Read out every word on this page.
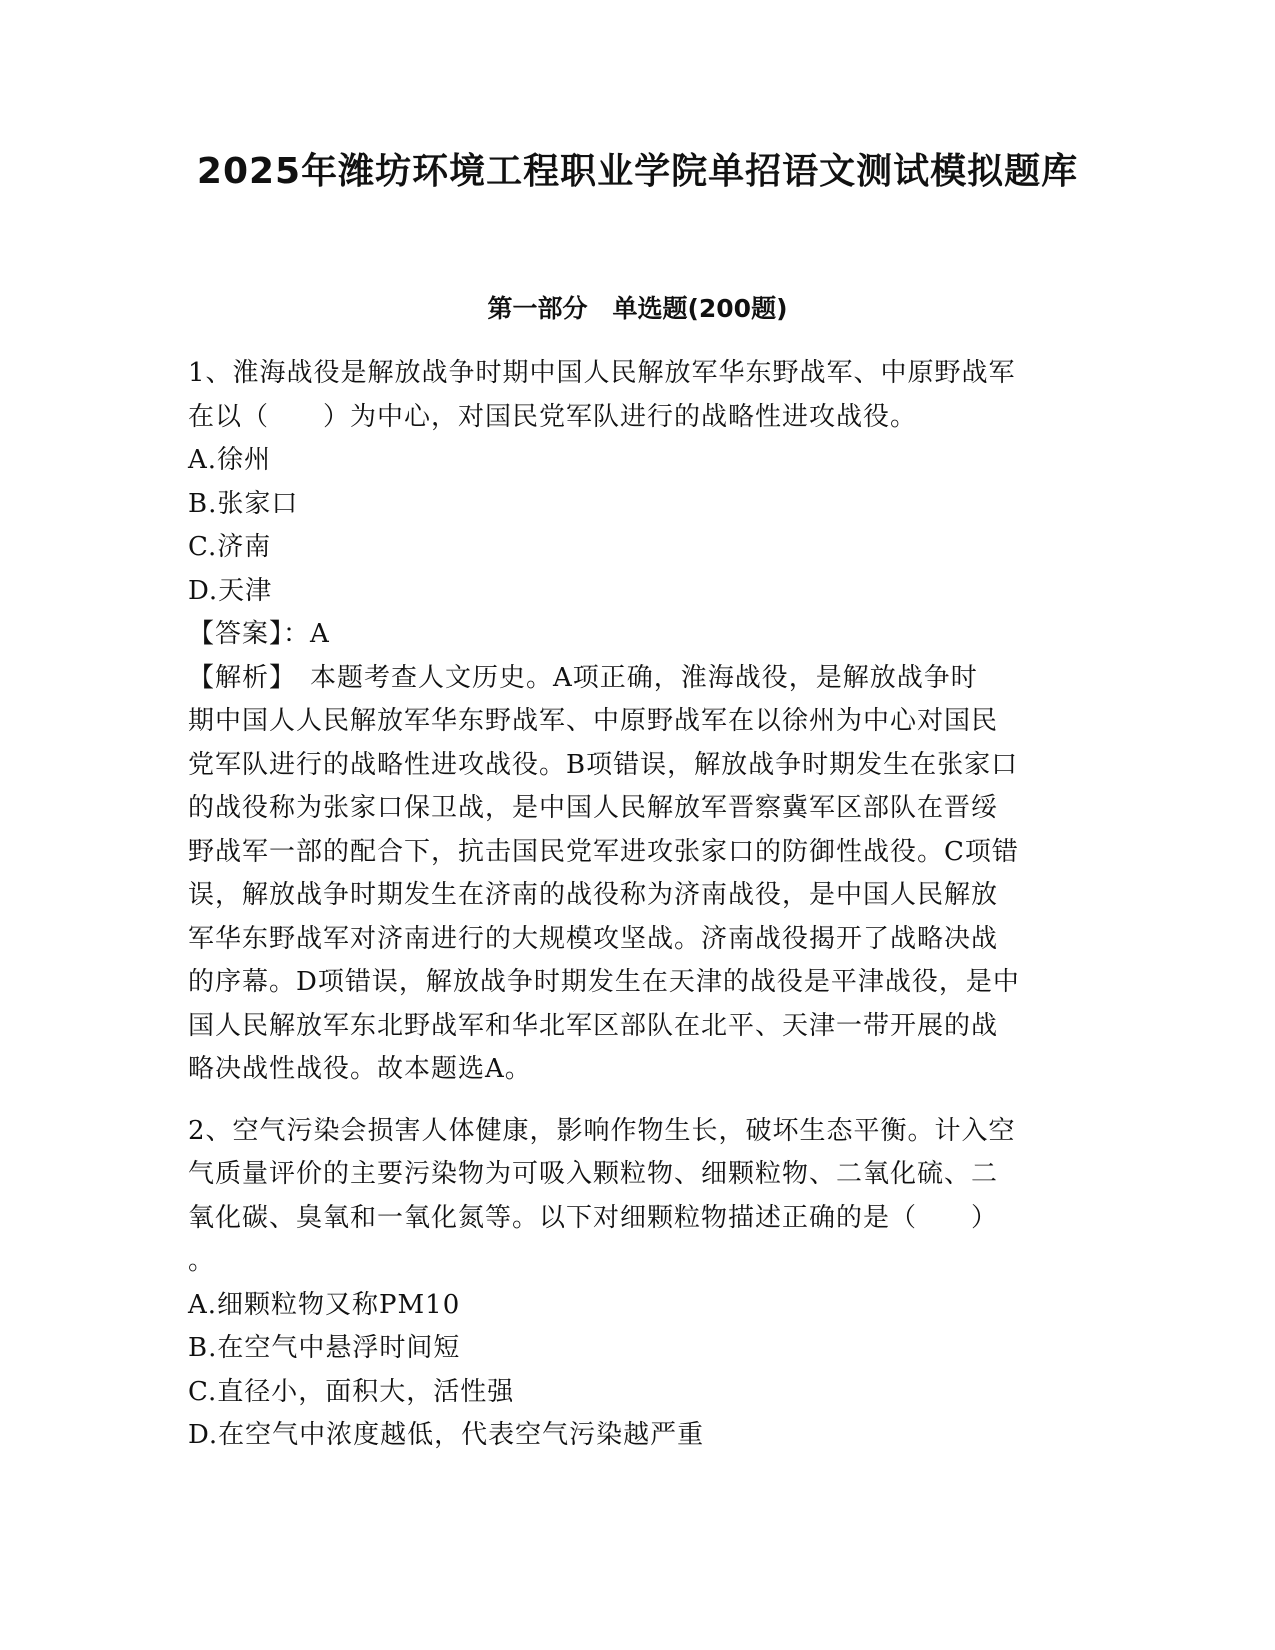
2025年潍坊环境工程职业学院单招语文测试模拟题库
第一部分　单选题(200题)

1、淮海战役是解放战争时期中国人民解放军华东野战军、中原野战军

在以（　　）为中心，对国民党军队进行的战略性进攻战役。

A.徐州

B.张家口

C.济南

D.天津

【答案】：A

【解析】　本题考查人文历史。A项正确，淮海战役，是解放战争时

期中国人人民解放军华东野战军、中原野战军在以徐州为中心对国民

党军队进行的战略性进攻战役。B项错误，解放战争时期发生在张家口

的战役称为张家口保卫战，是中国人民解放军晋察冀军区部队在晋绥

野战军一部的配合下，抗击国民党军进攻张家口的防御性战役。C项错

误，解放战争时期发生在济南的战役称为济南战役，是中国人民解放

军华东野战军对济南进行的大规模攻坚战。济南战役揭开了战略决战

的序幕。D项错误，解放战争时期发生在天津的战役是平津战役，是中

国人民解放军东北野战军和华北军区部队在北平、天津一带开展的战

略决战性战役。故本题选A。

2、空气污染会损害人体健康，影响作物生长，破坏生态平衡。计入空

气质量评价的主要污染物为可吸入颗粒物、细颗粒物、二氧化硫、二

氧化碳、臭氧和一氧化氮等。以下对细颗粒物描述正确的是（　　）

。

A.细颗粒物又称PM10

B.在空气中悬浮时间短

C.直径小，面积大，活性强

D.在空气中浓度越低，代表空气污染越严重
